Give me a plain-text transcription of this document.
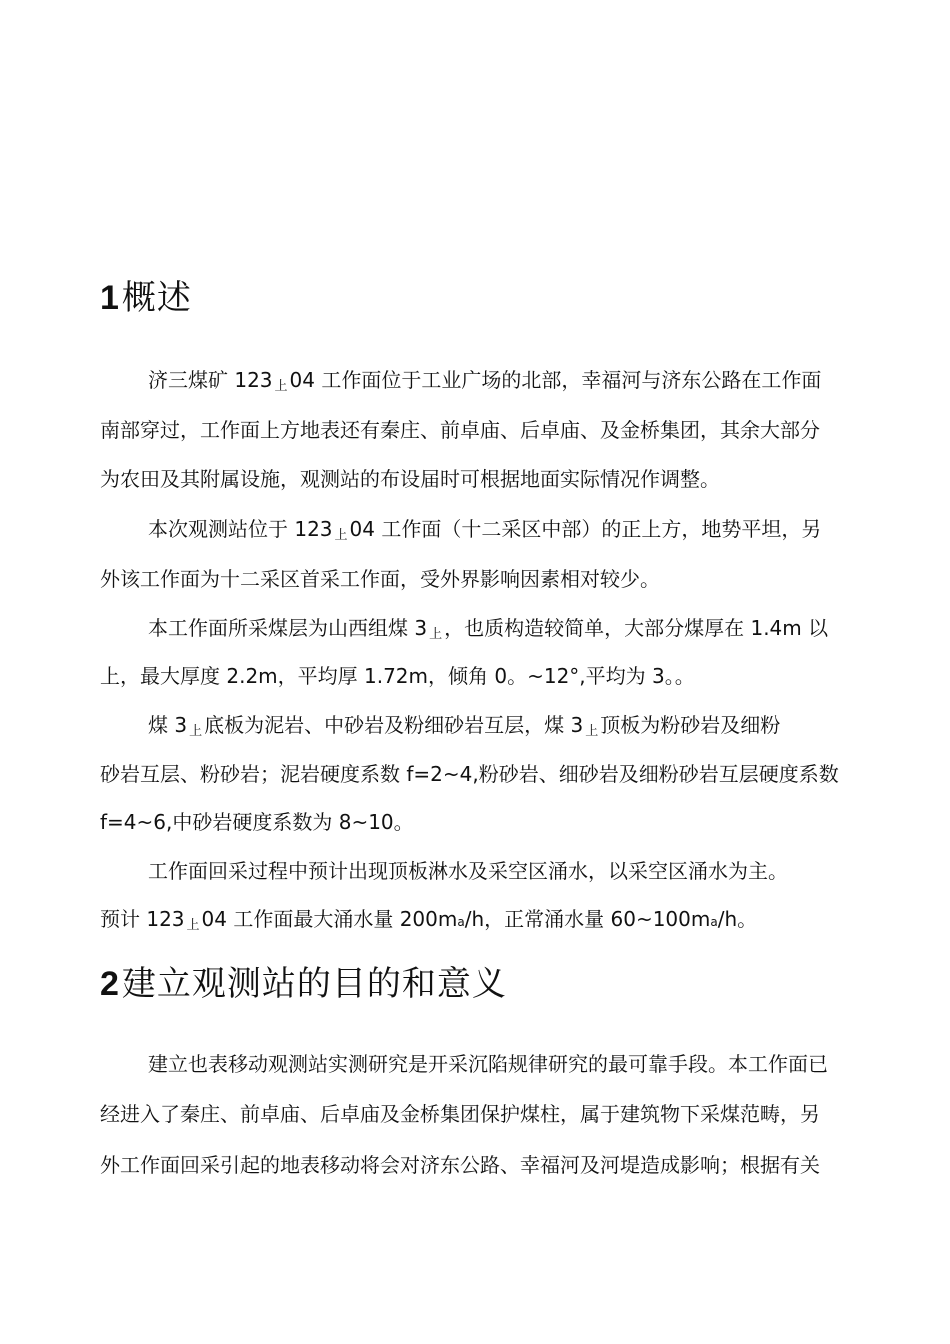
1概述

济三煤矿 123 $_上$ 04 工作面位于工业广场的北部，幸福河与济东公路在工作面

南部穿过，工作面上方地表还有秦庄、前卓庙、后卓庙、及金桥集团，其余大部分

为农田及其附属设施，观测站的布设届时可根据地面实际情况作调整。

本次观测站位于 123 $_上$ 04 工作面（十二采区中部）的正上方，地势平坦，另

外该工作面为十二采区首采工作面，受外界影响因素相对较少。

本工作面所采煤层为山西组煤 3 $_上$ ，也质构造较简单，大部分煤厚在 1.4m 以

上，最大厚度 2.2m，平均厚 1.72m，倾角 0。~12°,平均为 3。。

煤 3 $_上$ 底板为泥岩、中砂岩及粉细砂岩互层，煤 3 $_上$ 顶板为粉砂岩及细粉

砂岩互层、粉砂岩；泥岩硬度系数 f=2~4,粉砂岩、细砂岩及细粉砂岩互层硬度系数

f=4~6,中砂岩硬度系数为 8~10。

工作面回采过程中预计出现顶板淋水及采空区涌水，以采空区涌水为主。

预计 123 $_上$ 04 工作面最大涌水量 200ma/h，正常涌水量 60~100ma/h。

2建立观测站的目的和意义

建立也表移动观测站实测研究是开采沉陷规律研究的最可靠手段。本工作面已

经进入了秦庄、前卓庙、后卓庙及金桥集团保护煤柱，属于建筑物下采煤范畴，另

外工作面回采引起的地表移动将会对济东公路、幸福河及河堤造成影响；根据有关
